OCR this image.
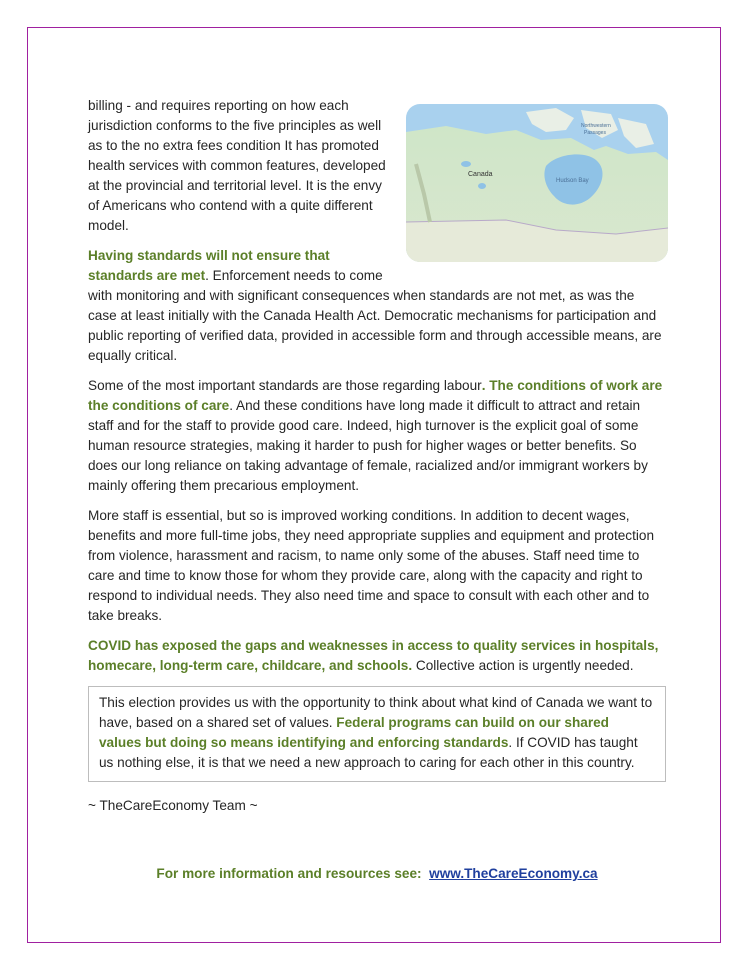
Canada
Hudson Bay
Northwestern
Passages

billing - and requires reporting on how each jurisdiction conforms to the five principles as well as to the no extra fees condition It has promoted health services with common features, developed at the provincial and territorial level. It is the envy of Americans who contend with a quite different model.

Having standards will not ensure that standards are met. Enforcement needs to come with monitoring and with significant consequences when standards are not met, as was the case at least initially with the Canada Health Act. Democratic mechanisms for participation and public reporting of verified data, provided in accessible form and through accessible means, are equally critical.

Some of the most important standards are those regarding labour. The conditions of work are the conditions of care. And these conditions have long made it difficult to attract and retain staff and for the staff to provide good care. Indeed, high turnover is the explicit goal of some human resource strategies, making it harder to push for higher wages or better benefits. So does our long reliance on taking advantage of female, racialized and/or immigrant workers by mainly offering them precarious employment.

More staff is essential, but so is improved working conditions. In addition to decent wages, benefits and more full-time jobs, they need appropriate supplies and equipment and protection from violence, harassment and racism, to name only some of the abuses. Staff need time to care and time to know those for whom they provide care, along with the capacity and right to respond to individual needs. They also need time and space to consult with each other and to take breaks.

COVID has exposed the gaps and weaknesses in access to quality services in hospitals, homecare, long-term care, childcare, and schools. Collective action is urgently needed.

This election provides us with the opportunity to think about what kind of Canada we want to have, based on a shared set of values. Federal programs can build on our shared values but doing so means identifying and enforcing standards. If COVID has taught us nothing else, it is that we need a new approach to caring for each other in this country.

~ TheCareEconomy Team ~

For more information and resources see: www.TheCareEconomy.ca
